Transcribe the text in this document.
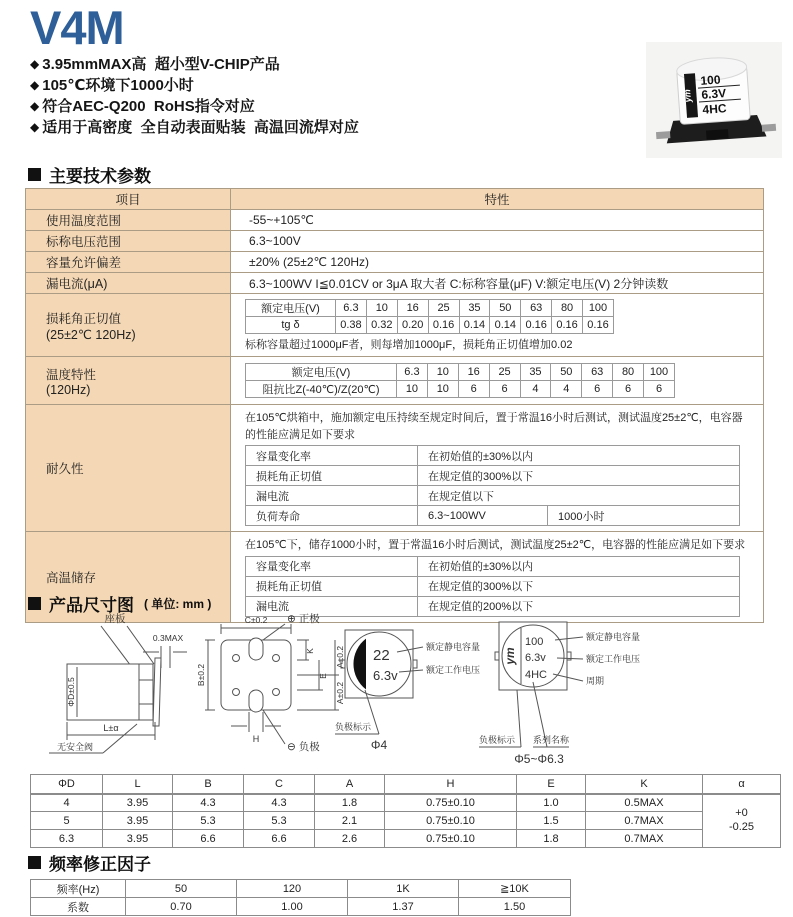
V4M
◆ 3.95mmMAX高  超小型V-CHIP产品
◆ 105℃环境下1000小时
◆ 符合AEC-Q200  RoHS指令对应
◆ 适用于高密度  全自动表面贴装  高温回流焊对应
ym
100
6.3V
4HC
主要技术参数
项目	特性
使用温度范围	-55~+105℃
标称电压范围	6.3~100V
容量允许偏差	±20% (25±2℃ 120Hz)
漏电流(μA)	6.3~100WV I≦0.01CV or 3μA 取大者 C:标称容量(μF) V:额定电压(V) 2分钟读数
损耗角正切值
(25±2℃ 120Hz)

额定电压(V)	6.3	10	16	25	35	50	63	80	100
tg δ	0.38	0.32	0.20	0.16	0.14	0.14	0.16	0.16	0.16
标称容量超过1000μF者，则每增加1000μF，损耗角正切值增加0.02

温度特性
(120Hz)

额定电压(V)	6.3	10	16	25	35	50	63	80	100
阻抗比Z(-40℃)/Z(20℃)	10	10	6	6	4	4	6	6	6

耐久性	
在105℃烘箱中，施加额定电压持续至规定时间后，置于常温16小时后测试，测试温度25±2℃，电容器的性能应满足如下要求
容量变化率	在初始值的±30%以内
损耗角正切值	在规定值的300%以下
漏电流	在规定值以下
负荷寿命	6.3~100WV	1000小时

高温储存	
在105℃下，储存1000小时，置于常温16小时后测试，测试温度25±2℃，电容器的性能应满足如下要求
容量变化率	在初始值的±30%以内
损耗角正切值	在规定值的300%以下
漏电流	在规定值的200%以下
产品尺寸图 ( 单位: mm )
座板
0.3MAX
ΦD±0.5
L±α
无安全阀
C±0.2
B±0.2
K
E
A±0.2
A±0.2
H
⊕ 正极
⊖ 负极
22
6.3v
额定静电容量
额定工作电压
负极标示
Φ4
ym
100
6.3v
4HC
额定静电容量
额定工作电压
周期
负极标示 系列名称
Φ5~Φ6.3
ΦD	L	B	C	A	H	E	K	α
4	3.95	4.3	4.3	1.8	0.75±0.10	1.0	0.5MAX	+0
-0.25

5	3.95	5.3	5.3	2.1	0.75±0.10	1.5	0.7MAX	
6.3	3.95	6.6	6.6	2.6	0.75±0.10	1.8	0.7MAX	
频率修正因子
频率(Hz)	50	120	1K	≧10K
系数	0.70	1.00	1.37	1.50
